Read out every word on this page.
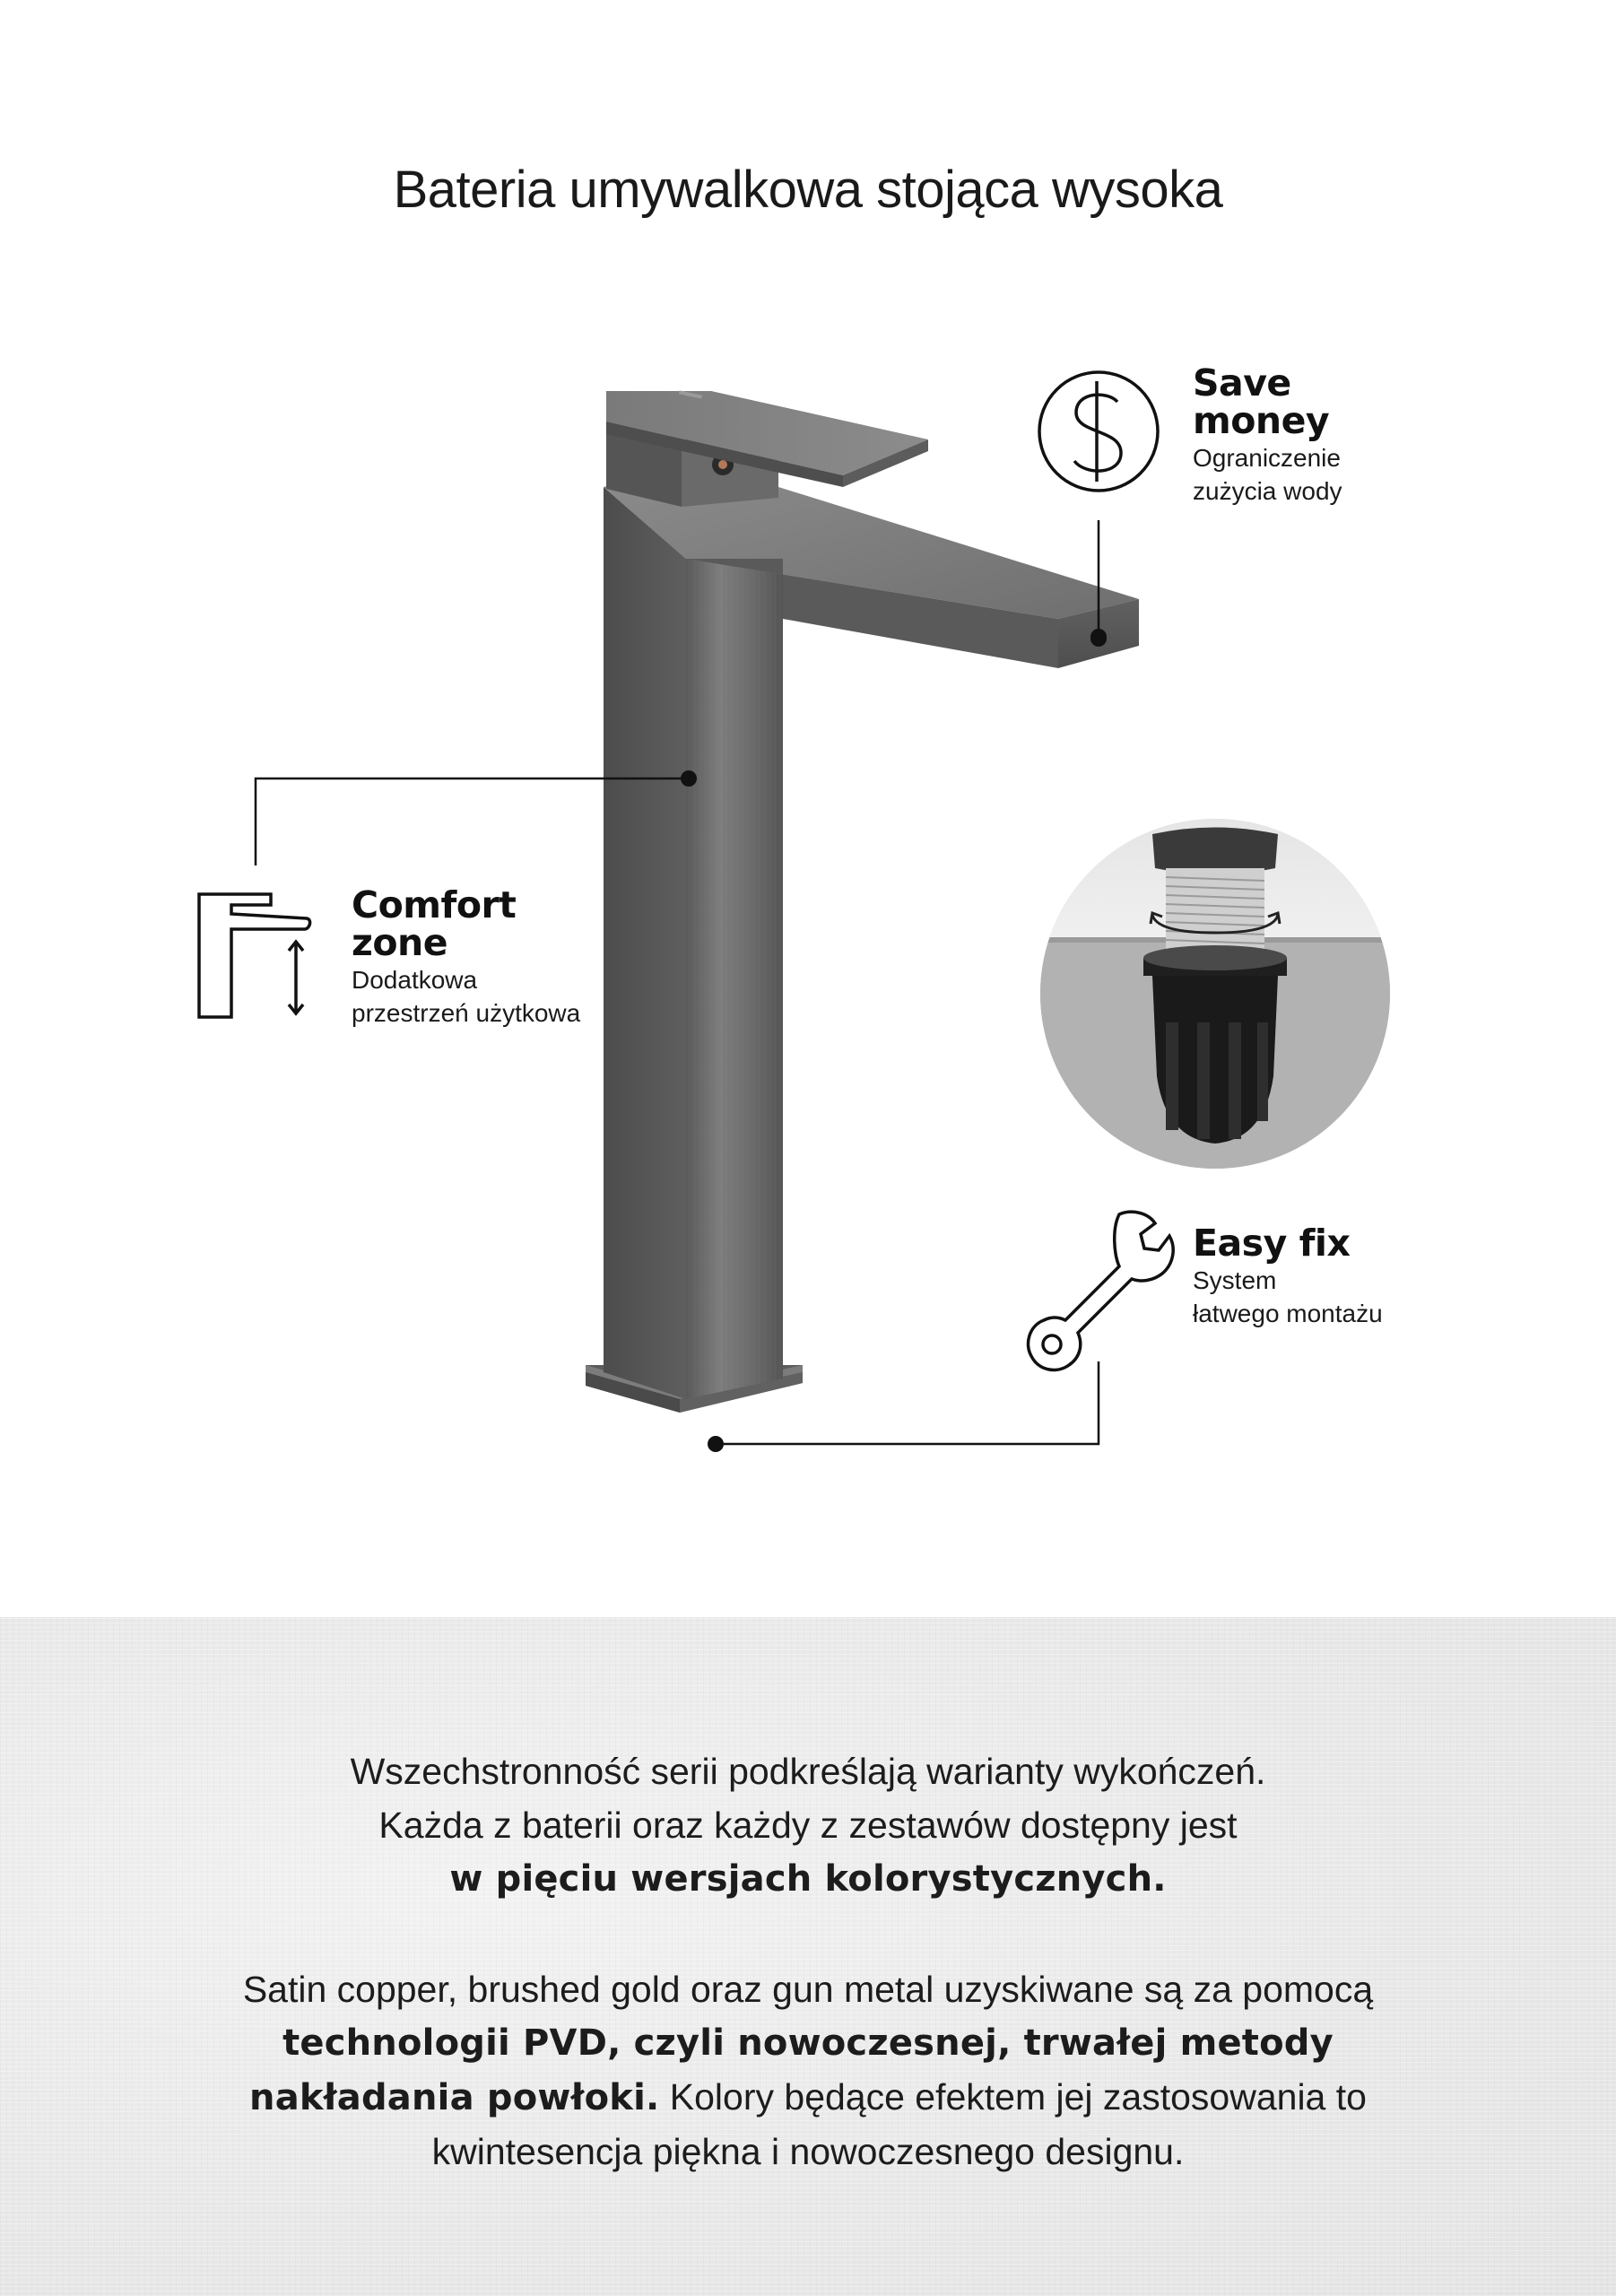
Bateria umywalkowa stojąca wysoka
Save
money
Ograniczenie
zużycia wody
Comfort
zone
Dodatkowa
przestrzeń użytkowa
Easy fix
System
łatwego montażu
Wszechstronność serii podkreślają warianty wykończeń.
Każda z baterii oraz każdy z zestawów dostępny jest
w pięciu wersjach kolorystycznych.
Satin copper, brushed gold oraz gun metal uzyskiwane są za pomocą
technologii PVD, czyli nowoczesnej, trwałej metody
nakładania powłoki. Kolory będące efektem jej zastosowania to
kwintesencja piękna i nowoczesnego designu.
